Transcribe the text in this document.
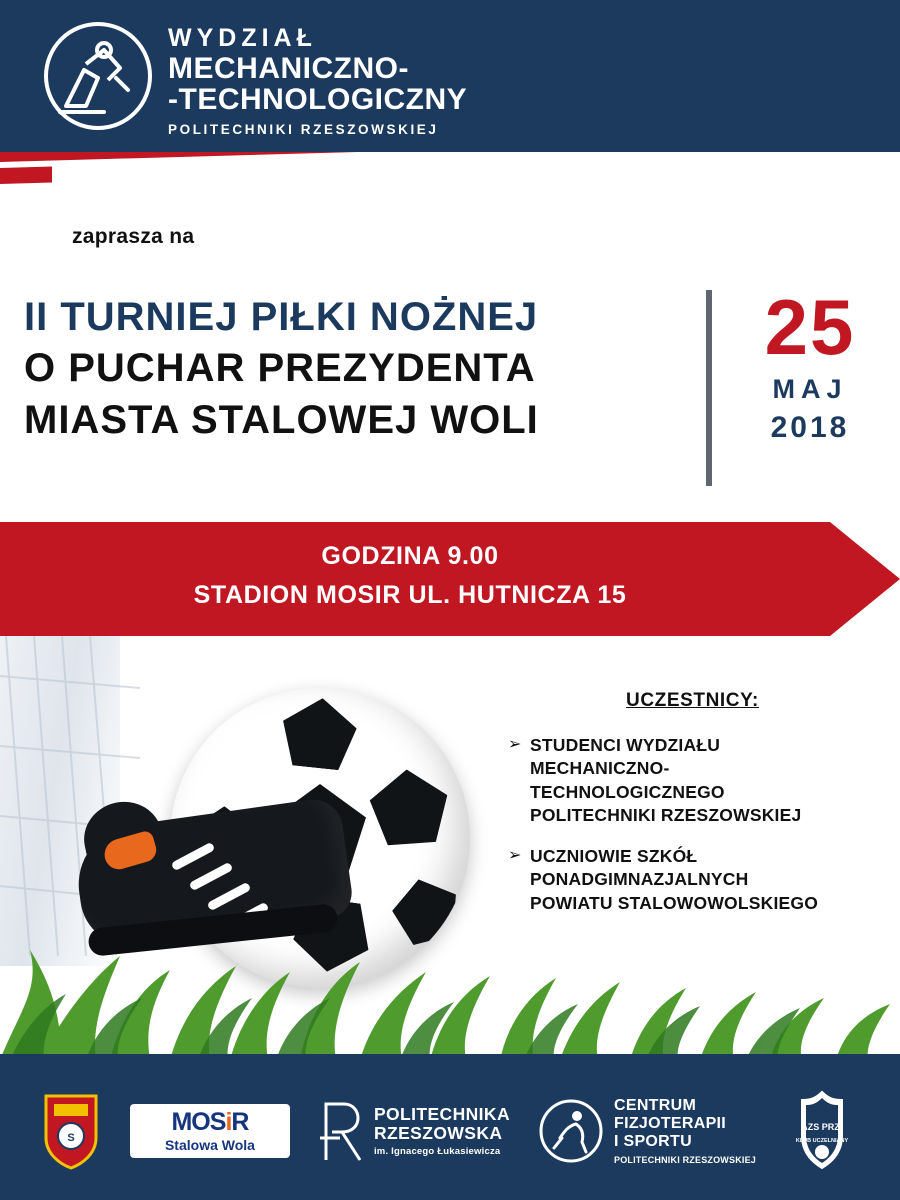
WYDZIAŁ
MECHANICZNO-
-TECHNOLOGICZNY
POLITECHNIKI RZESZOWSKIEJ
zaprasza na
II TURNIEJ PIŁKI NOŻNEJ
O PUCHAR PREZYDENTA
MIASTA STALOWEJ WOLI
25
MAJ
2018
GODZINA 9.00
STADION MOSIR UL. HUTNICZA 15
UCZESTNICY:
➢ STUDENCI WYDZIAŁU
MECHANICZNO-
TECHNOLOGICZNEGO
POLITECHNIKI RZESZOWSKIEJ
➢ UCZNIOWIE SZKÓŁ
PONADGIMNAZJALNYCH
POWIATU STALOWOWOLSKIEGO
S
MOSiR
Stalowa Wola
POLITECHNIKA
RZESZOWSKA
im. Ignacego Łukasiewicza
CENTRUM
FIZJOTERAPII
I SPORTU
POLITECHNIKI RZESZOWSKIEJ
AZS PRZ-
KLUB UCZELNIANY
